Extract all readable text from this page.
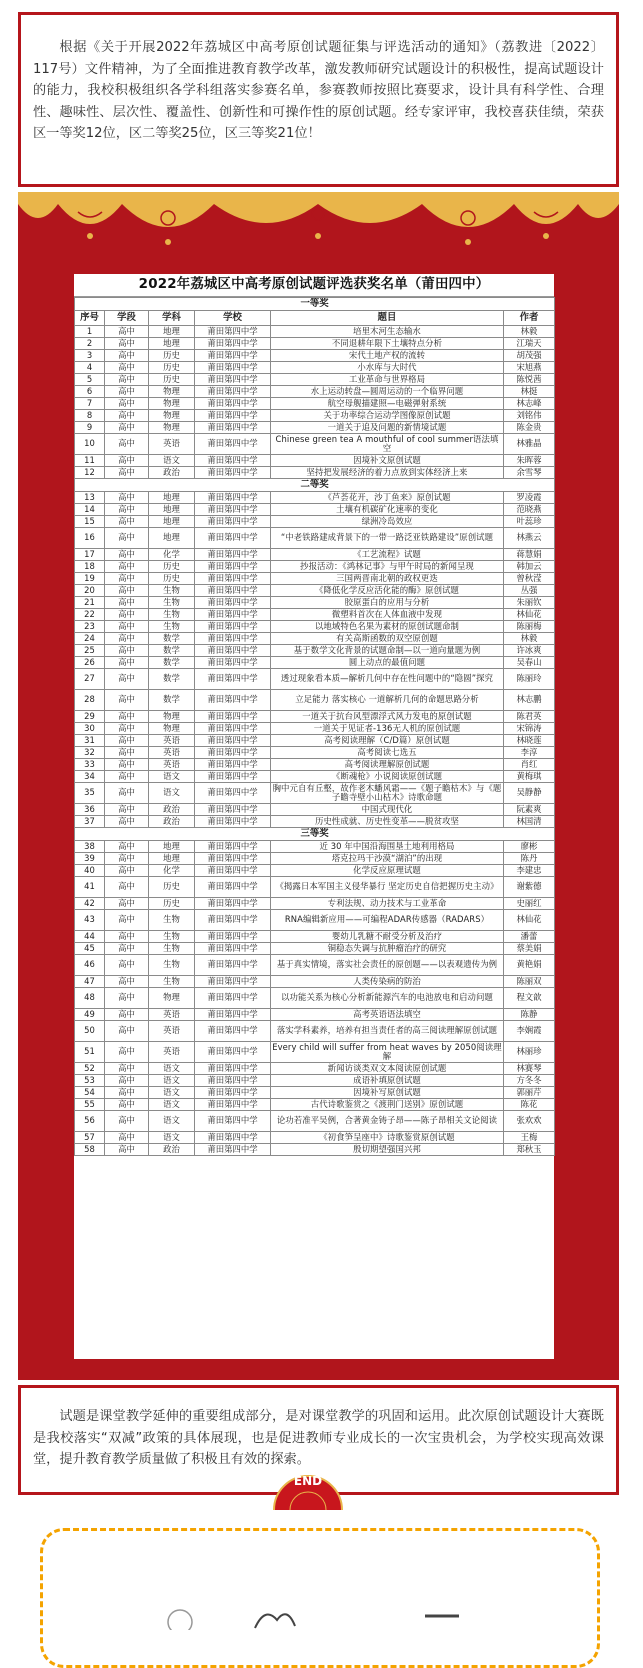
根据《关于开展2022年荔城区中高考原创试题征集与评选活动的通知》（荔教进〔2022〕117号）文件精神，为了全面推进教育教学改革，激发教师研究试题设计的积极性，提高试题设计的能力，我校积极组织各学科组落实参赛名单，参赛教师按照比赛要求，设计具有科学性、合理性、趣味性、层次性、覆盖性、创新性和可操作性的原创试题。经专家评审，我校喜获佳绩，荣获区一等奖12位，区二等奖25位，区三等奖21位！

2022年荔城区中高考原创试题评选获奖名单（莆田四中）
一等奖					
序号	学段	学科	学校	题目	作者
1	高中	地理	莆田第四中学	培里木河生态输水	林毅
2	高中	地理	莆田第四中学	不同退耕年限下土壤特点分析	江瑞天
3	高中	历史	莆田第四中学	宋代土地产权的流转	胡茂强
4	高中	历史	莆田第四中学	小水库与大时代	宋旭燕
5	高中	历史	莆田第四中学	工业革命与世界格局	陈悦茜
6	高中	物理	莆田第四中学	水上运动转盘—圆周运动的一个临界问题	林挺
7	高中	物理	莆田第四中学	航空母舰描建照—电磁弹射系统	林志峰
8	高中	物理	莆田第四中学	关于功率综合运动学图像原创试题	刘铭伟
9	高中	物理	莆田第四中学	一道关于追及问题的新情境试题	陈金贵
10	高中	英语	莆田第四中学	Chinese green tea A mouthful of cool summer语法填空	林雅晶
11	高中	语文	莆田第四中学	因境补文原创试题	朱晖蓉
12	高中	政治	莆田第四中学	坚持把发展经济的着力点放到实体经济上来	余雪琴
二等奖					
13	高中	地理	莆田第四中学	《芦荟花开，沙丁鱼来》原创试题	罗凌霞
14	高中	地理	莆田第四中学	土壤有机碳矿化速率的变化	范晓燕
15	高中	地理	莆田第四中学	绿洲冷岛效应	叶蕊珍
16	高中	地理	莆田第四中学	“中老铁路建成背景下的一带一路泛亚铁路建设”原创试题	林燕云
17	高中	化学	莆田第四中学	《工艺流程》试题	蒋慧娟
18	高中	历史	莆田第四中学	抄报活动：《鸿林记事》与甲午时局的新闻呈现	韩加云
19	高中	历史	莆田第四中学	三国两晋南北朝的政权更迭	曾秋滢
20	高中	生物	莆田第四中学	《降低化学反应活化能的酶》原创试题	丛强
21	高中	生物	莆田第四中学	胶原蛋白的应用与分析	朱丽钦
22	高中	生物	莆田第四中学	微塑料首次在人体血液中发现	林仙花
23	高中	生物	莆田第四中学	以地域特色名果为素材的原创试题命制	陈丽梅
24	高中	数学	莆田第四中学	有关高斯函数的双空原创题	林毅
25	高中	数学	莆田第四中学	基于数学文化背景的试题命制—以一道向量题为例	许冰爽
26	高中	数学	莆田第四中学	圆上动点的最值问题	吴春山
27	高中	数学	莆田第四中学	透过现象看本质—解析几何中存在性问题中的“隐圆”探究	陈丽玲
28	高中	数学	莆田第四中学	立足能力 落实核心 一道解析几何的命题思路分析	林志鹏
29	高中	物理	莆田第四中学	一道关于抗台风型漂浮式风力发电的原创试题	陈君英
30	高中	物理	莆田第四中学	一道关于见证者-136无人机的原创试题	宋锦涛
31	高中	英语	莆田第四中学	高考阅读理解（C/D篇）原创试题	林晓莲
32	高中	英语	莆田第四中学	高考阅读七选五	李淳
33	高中	英语	莆田第四中学	高考阅读理解原创试题	肖红
34	高中	语文	莆田第四中学	《断魂枪》小说阅读原创试题	黄梅琪
35	高中	语文	莆田第四中学	胸中元自有丘壑，故作老木蟠风霜——《题子瞻枯木》与《题子瞻寺壁小山枯木》诗歌命题	吴静静
36	高中	政治	莆田第四中学	中国式现代化	阮素爽
37	高中	政治	莆田第四中学	历史性成就、历史性变革——脱贫攻坚	林国清
三等奖					
38	高中	地理	莆田第四中学	近 30 年中国沿海围垦土地利用格局	廖彬
39	高中	地理	莆田第四中学	塔克拉玛干沙漠“湖泊”的出现	陈丹
40	高中	化学	莆田第四中学	化学反应原理试题	李建忠
41	高中	历史	莆田第四中学	《揭露日本军国主义侵华暴行 坚定历史自信把握历史主动》	谢紫德
42	高中	历史	莆田第四中学	专利法规、动力技术与工业革命	史丽红
43	高中	生物	莆田第四中学	RNA编辑新应用——可编程ADAR传感器（RADARS）	林仙花
44	高中	生物	莆田第四中学	婴幼儿乳糖不耐受分析及治疗	潘蕾
45	高中	生物	莆田第四中学	铜稳态失调与抗肿瘤治疗的研究	蔡美娟
46	高中	生物	莆田第四中学	基于真实情境，落实社会责任的原创题——以表观遗传为例	黄艳娟
47	高中	生物	莆田第四中学	人类传染病的防治	陈丽双
48	高中	物理	莆田第四中学	以功能关系为核心分析新能源汽车的电池放电和启动问题	程文歆
49	高中	英语	莆田第四中学	高考英语语法填空	陈静
50	高中	英语	莆田第四中学	落实学科素养，培养有担当责任者的高三阅读理解原创试题	李娴霞
51	高中	英语	莆田第四中学	Every child will suffer from heat waves by 2050阅读理解	林丽珍
52	高中	语文	莆田第四中学	新闻访谈类双文本阅读原创试题	林赛琴
53	高中	语文	莆田第四中学	成语补填原创试题	方冬冬
54	高中	语文	莆田第四中学	因境补写原创试题	郭丽芹
55	高中	语文	莆田第四中学	古代诗歌鉴赏之《渡荆门送别》原创试题	陈花
56	高中	语文	莆田第四中学	论功若准平吴例，合著黄金铸子昂——陈子昂相关文论阅读	张欢欢
57	高中	语文	莆田第四中学	《初食笋呈座中》诗歌鉴赏原创试题	王梅
58	高中	政治	莆田第四中学	殷切期望强国兴邦	郑秋玉

试题是课堂教学延伸的重要组成部分，是对课堂教学的巩固和运用。此次原创试题设计大赛既是我校落实“双减”政策的具体展现，也是促进教师专业成长的一次宝贵机会，为学校实现高效课堂，提升教育教学质量做了积极且有效的探索。

END
